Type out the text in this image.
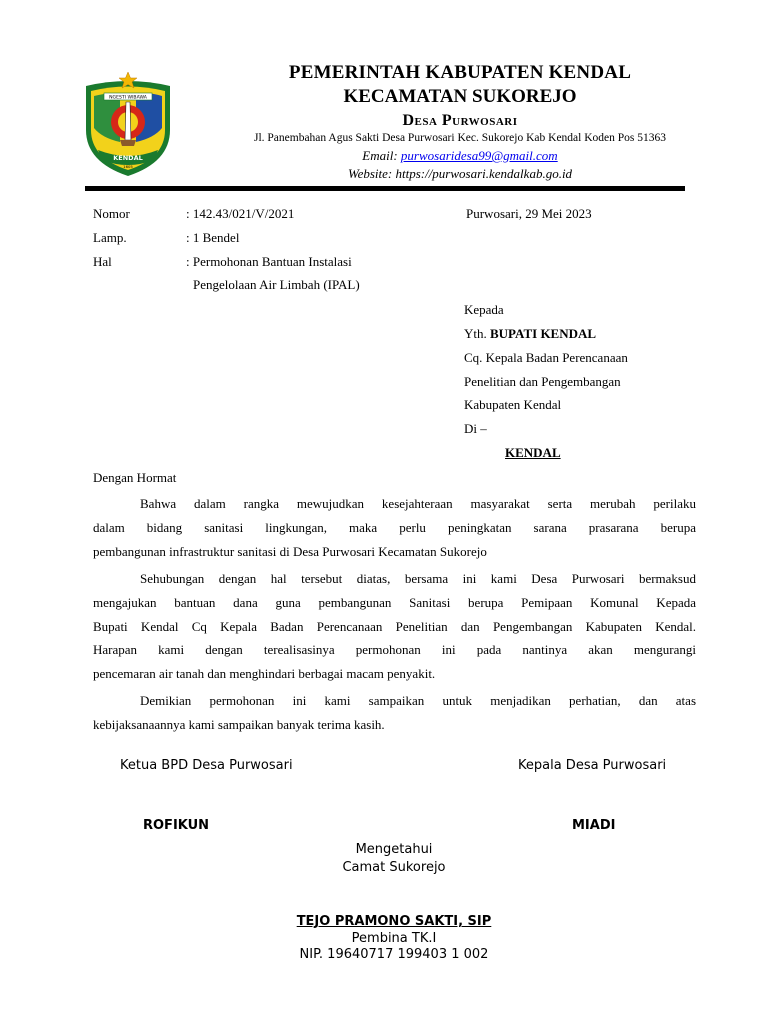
NGESTI WIBAWA
KENDAL
1605
PEMERINTAH KABUPATEN KENDAL
KECAMATAN SUKOREJO
Desa Purwosari
Jl. Panembahan Agus Sakti Desa Purwosari Kec. Sukorejo Kab Kendal Koden Pos 51363
Email: purwosaridesa99@gmail.com
Website: https://purwosari.kendalkab.go.id
Nomor	: 142.43/021/V/2021	Purwosari, 29 Mei 2023
Lamp.	: 1 Bendel
Hal	: Permohonan Bantuan Instalasi
Pengelolaan Air Limbah (IPAL)
Kepada
Yth. BUPATI KENDAL
Cq. Kepala Badan Perencanaan
Penelitian dan Pengembangan
Kabupaten Kendal
Di –
KENDAL
Dengan Hormat
Bahwa dalam rangka mewujudkan kesejahteraan masyarakat serta merubah perilaku
dalam bidang sanitasi lingkungan, maka perlu peningkatan sarana prasarana berupa
pembangunan infrastruktur sanitasi di Desa Purwosari Kecamatan Sukorejo
Sehubungan dengan hal tersebut diatas, bersama ini kami Desa Purwosari bermaksud
mengajukan bantuan dana guna pembangunan Sanitasi berupa Pemipaan Komunal Kepada
Bupati Kendal Cq Kepala Badan Perencanaan Penelitian dan Pengembangan Kabupaten Kendal.
Harapan kami dengan terealisasinya permohonan ini pada nantinya akan mengurangi
pencemaran air tanah dan menghindari berbagai macam penyakit.
Demikian permohonan ini kami sampaikan untuk menjadikan perhatian, dan atas
kebijaksanaannya kami sampaikan banyak terima kasih.
Ketua BPD Desa Purwosari	Kepala Desa Purwosari
ROFIKUN	MIADI
Mengetahui
Camat Sukorejo
TEJO PRAMONO SAKTI, SIP
Pembina TK.I
NIP. 19640717 199403 1 002
